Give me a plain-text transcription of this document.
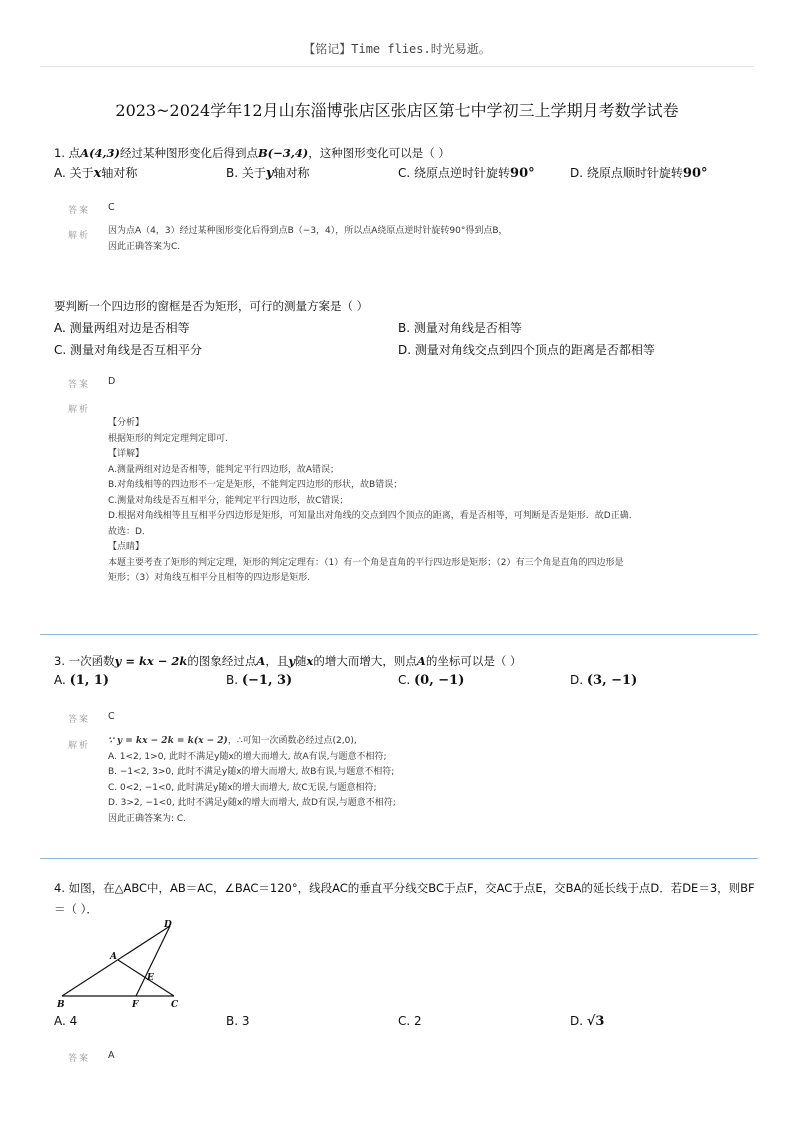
【铭记】Time flies.时光易逝。
2023~2024学年12月山东淄博张店区张店区第七中学初三上学期月考数学试卷
1. 点A(4,3)经过某种图形变化后得到点B(−3,4)，这种图形变化可以是（ ）
A. 关于x轴对称	B. 关于y轴对称	C. 绕原点逆时针旋转90°	D. 绕原点顺时针旋转90°
答案 C
解析 因为点A（4，3）经过某种图形变化后得到点B（−3，4），所以点A绕原点逆时针旋转90°得到点B，
因此正确答案为C.
要判断一个四边形的窗框是否为矩形，可行的测量方案是（ ）
A. 测量两组对边是否相等	B. 测量对角线是否相等
C. 测量对角线是否互相平分	D. 测量对角线交点到四个顶点的距离是否都相等
答案 D
解析
【分析】
根据矩形的判定定理判定即可.
【详解】
A.测量两组对边是否相等，能判定平行四边形，故A错误；
B.对角线相等的四边形不一定是矩形，不能判定四边形的形状，故B错误；
C.测量对角线是否互相平分，能判定平行四边形，故C错误；
D.根据对角线相等且互相平分四边形是矩形，可知量出对角线的交点到四个顶点的距离，看是否相等，可判断是否是矩形．故D正确．
故选：D．
【点睛】
本题主要考查了矩形的判定定理，矩形的判定定理有：（1）有一个角是直角的平行四边形是矩形；（2）有三个角是直角的四边形是
矩形；（3）对角线互相平分且相等的四边形是矩形.
3. 一次函数y = kx − 2k的图象经过点A，且y随x的增大而增大，则点A的坐标可以是（ ）
A. (1, 1)	B. (−1, 3)	C. (0, −1)	D. (3, −1)
答案 C
解析 ∵ y = kx − 2k = k(x − 2)，∴可知一次函数必经过点(2,0),
A. 1<2, 1>0, 此时不满足y随x的增大而增大, 故A有误,与题意不相符;
B. −1<2, 3>0, 此时不满足y随x的增大而增大, 故B有误,与题意不相符;
C. 0<2, −1<0, 此时满足y随x的增大而增大, 故C无误,与题意相符;
D. 3>2, −1<0, 此时不满足y随x的增大而增大, 故D有误,与题意不相符;
因此正确答案为: C.
4. 如图，在△ABC中，AB＝AC，∠BAC＝120°，线段AC的垂直平分线交BC于点F，交AC于点E，交BA的延长线于点D．若DE＝3，则BF
＝（ ）．
D
A
E
B	F	C
A. 4	B. 3	C. 2	D. √3
答案 A
